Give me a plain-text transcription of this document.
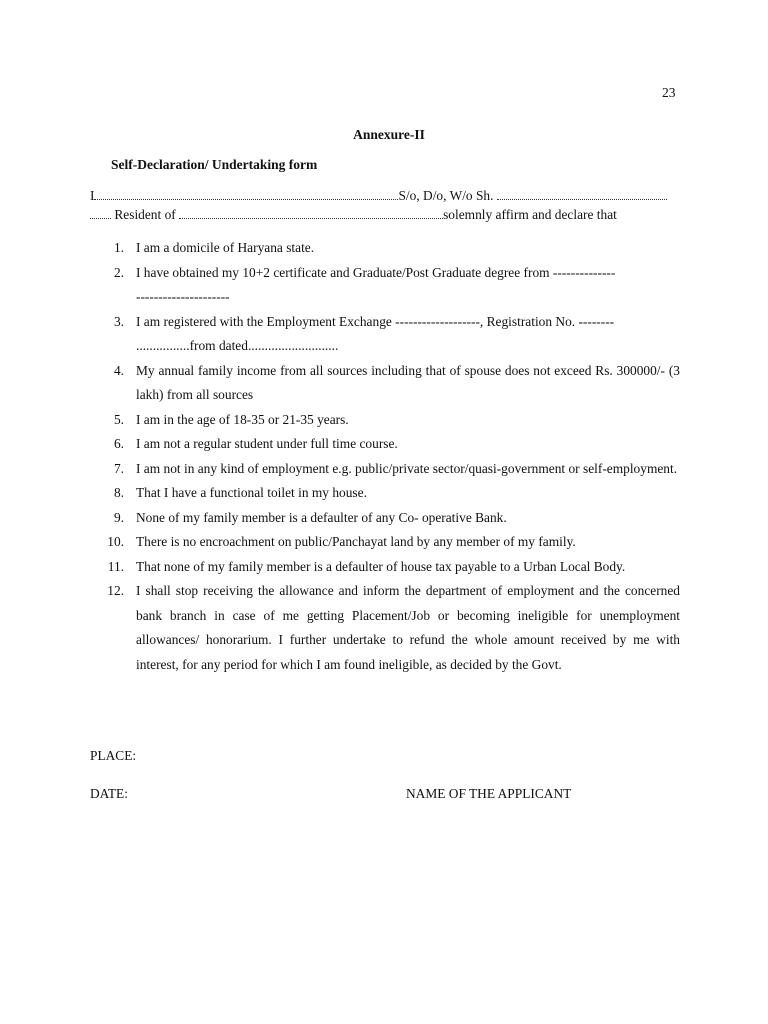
23
Annexure-II
Self-Declaration/ Undertaking form
I	S/o, D/o, W/o Sh.
Resident of	solemnly affirm and declare that
1. I am a domicile of Haryana state.
2. I have obtained my 10+2 certificate and Graduate/Post Graduate degree from --------------
---------------------
3. I am registered with the Employment Exchange -------------------, Registration No. --------
................from dated...........................
4. My annual family income from all sources including that of spouse does not exceed Rs. 300000/- (3 lakh) from all sources
5. I am in the age of 18-35 or 21-35 years.
6. I am not a regular student under full time course.
7. I am not in any kind of employment e.g. public/private sector/quasi-government or self-employment.
8. That I have a functional toilet in my house.
9. None of my family member is a defaulter of any Co- operative Bank.
10. There is no encroachment on public/Panchayat land by any member of my family.
11. That none of my family member is a defaulter of house tax payable to a Urban Local Body.
12. I shall stop receiving the allowance and inform the department of employment and the concerned bank branch in case of me getting Placement/Job or becoming ineligible for unemployment allowances/ honorarium. I further undertake to refund the whole amount received by me with interest, for any period for which I am found ineligible, as decided by the Govt.
PLACE:
DATE:	NAME OF THE APPLICANT
